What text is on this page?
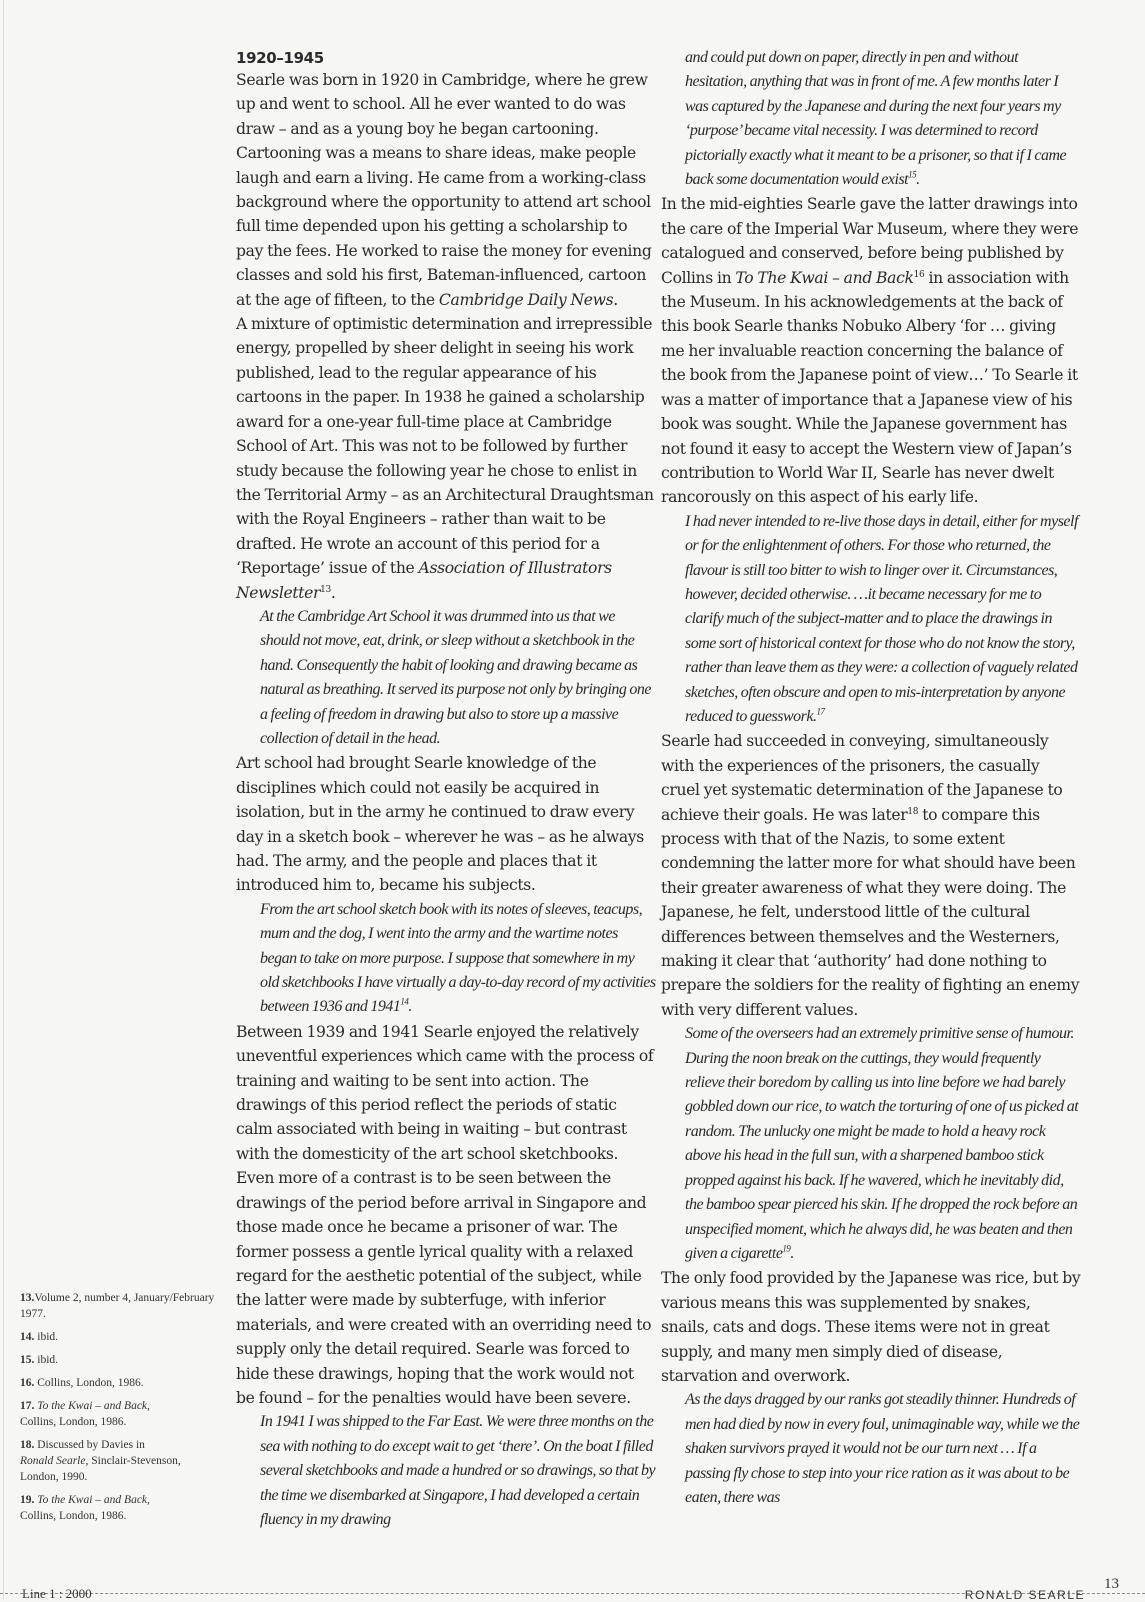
1920–1945

Searle was born in 1920 in Cambridge, where he grew up and went to school. All he ever wanted to do was draw – and as a young boy he began cartooning. Cartooning was a means to share ideas, make people laugh and earn a living. He came from a working-class background where the opportunity to attend art school full time depended upon his getting a scholarship to pay the fees. He worked to raise the money for evening classes and sold his first, Bateman-influenced, cartoon at the age of fifteen, to the Cambridge Daily News.

A mixture of optimistic determination and irrepressible energy, propelled by sheer delight in seeing his work published, lead to the regular appearance of his cartoons in the paper. In 1938 he gained a scholarship award for a one-year full-time place at Cambridge School of Art. This was not to be followed by further study because the following year he chose to enlist in the Territorial Army – as an Architectural Draughtsman with the Royal Engineers – rather than wait to be drafted. He wrote an account of this period for a ‘Reportage’ issue of the Association of Illustrators Newsletter$^{13}$.

At the Cambridge Art School it was drummed into us that we should not move, eat, drink, or sleep without a sketchbook in the hand. Consequently the habit of looking and drawing became as natural as breathing. It served its purpose not only by bringing one a feeling of freedom in drawing but also to store up a massive collection of detail in the head.

Art school had brought Searle knowledge of the disciplines which could not easily be acquired in isolation, but in the army he continued to draw every day in a sketch book – wherever he was – as he always had. The army, and the people and places that it introduced him to, became his subjects.

From the art school sketch book with its notes of sleeves, teacups, mum and the dog, I went into the army and the wartime notes began to take on more purpose. I suppose that somewhere in my old sketchbooks I have virtually a day-to-day record of my activities between 1936 and 1941$^{14}$.

Between 1939 and 1941 Searle enjoyed the relatively uneventful experiences which came with the process of training and waiting to be sent into action. The drawings of this period reflect the periods of static calm associated with being in waiting – but contrast with the domesticity of the art school sketchbooks. Even more of a contrast is to be seen between the drawings of the period before arrival in Singapore and those made once he became a prisoner of war. The former possess a gentle lyrical quality with a relaxed regard for the aesthetic potential of the subject, while the latter were made by subterfuge, with inferior materials, and were created with an overriding need to supply only the detail required. Searle was forced to hide these drawings, hoping that the work would not be found – for the penalties would have been severe.

In 1941 I was shipped to the Far East. We were three months on the sea with nothing to do except wait to get ‘there’. On the boat I filled several sketchbooks and made a hundred or so drawings, so that by the time we disembarked at Singapore, I had developed a certain fluency in my drawing

and could put down on paper, directly in pen and without hesitation, anything that was in front of me. A few months later I was captured by the Japanese and during the next four years my ‘purpose’ became vital necessity. I was determined to record pictorially exactly what it meant to be a prisoner, so that if I came back some documentation would exist$^{15}$.

In the mid-eighties Searle gave the latter drawings into the care of the Imperial War Museum, where they were catalogued and conserved, before being published by Collins in To The Kwai – and Back$^{16}$ in association with the Museum. In his acknowledgements at the back of this book Searle thanks Nobuko Albery ‘for … giving me her invaluable reaction concerning the balance of the book from the Japanese point of view…’ To Searle it was a matter of importance that a Japanese view of his book was sought. While the Japanese government has not found it easy to accept the Western view of Japan’s contribution to World War II, Searle has never dwelt rancorously on this aspect of his early life.

I had never intended to re-live those days in detail, either for myself or for the enlightenment of others. For those who returned, the flavour is still too bitter to wish to linger over it. Circumstances, however, decided otherwise. …it became necessary for me to clarify much of the subject-matter and to place the drawings in some sort of historical context for those who do not know the story, rather than leave them as they were: a collection of vaguely related sketches, often obscure and open to mis-interpretation by anyone reduced to guesswork.$^{17}$

Searle had succeeded in conveying, simultaneously with the experiences of the prisoners, the casually cruel yet systematic determination of the Japanese to achieve their goals. He was later$^{18}$ to compare this process with that of the Nazis, to some extent condemning the latter more for what should have been their greater awareness of what they were doing. The Japanese, he felt, understood little of the cultural differences between themselves and the Westerners, making it clear that ‘authority’ had done nothing to prepare the soldiers for the reality of fighting an enemy with very different values.

Some of the overseers had an extremely primitive sense of humour. During the noon break on the cuttings, they would frequently relieve their boredom by calling us into line before we had barely gobbled down our rice, to watch the torturing of one of us picked at random. The unlucky one might be made to hold a heavy rock above his head in the full sun, with a sharpened bamboo stick propped against his back. If he wavered, which he inevitably did, the bamboo spear pierced his skin. If he dropped the rock before an unspecified moment, which he always did, he was beaten and then given a cigarette$^{19}$.

The only food provided by the Japanese was rice, but by various means this was supplemented by snakes, snails, cats and dogs. These items were not in great supply, and many men simply died of disease, starvation and overwork.

As the days dragged by our ranks got steadily thinner. Hundreds of men had died by now in every foul, unimaginable way, while we the shaken survivors prayed it would not be our turn next … If a passing fly chose to step into your rice ration as it was about to be eaten, there was

13.Volume 2, number 4, January/February 1977.

14. ibid.

15. ibid.

16. Collins, London, 1986.

17. To the Kwai – and Back,
Collins, London, 1986.

18. Discussed by Davies in
Ronald Searle, Sinclair-Stevenson, London, 1990.

19. To the Kwai – and Back,
Collins, London, 1986.

Line 1 : 2000	RONALD SEARLE
13
